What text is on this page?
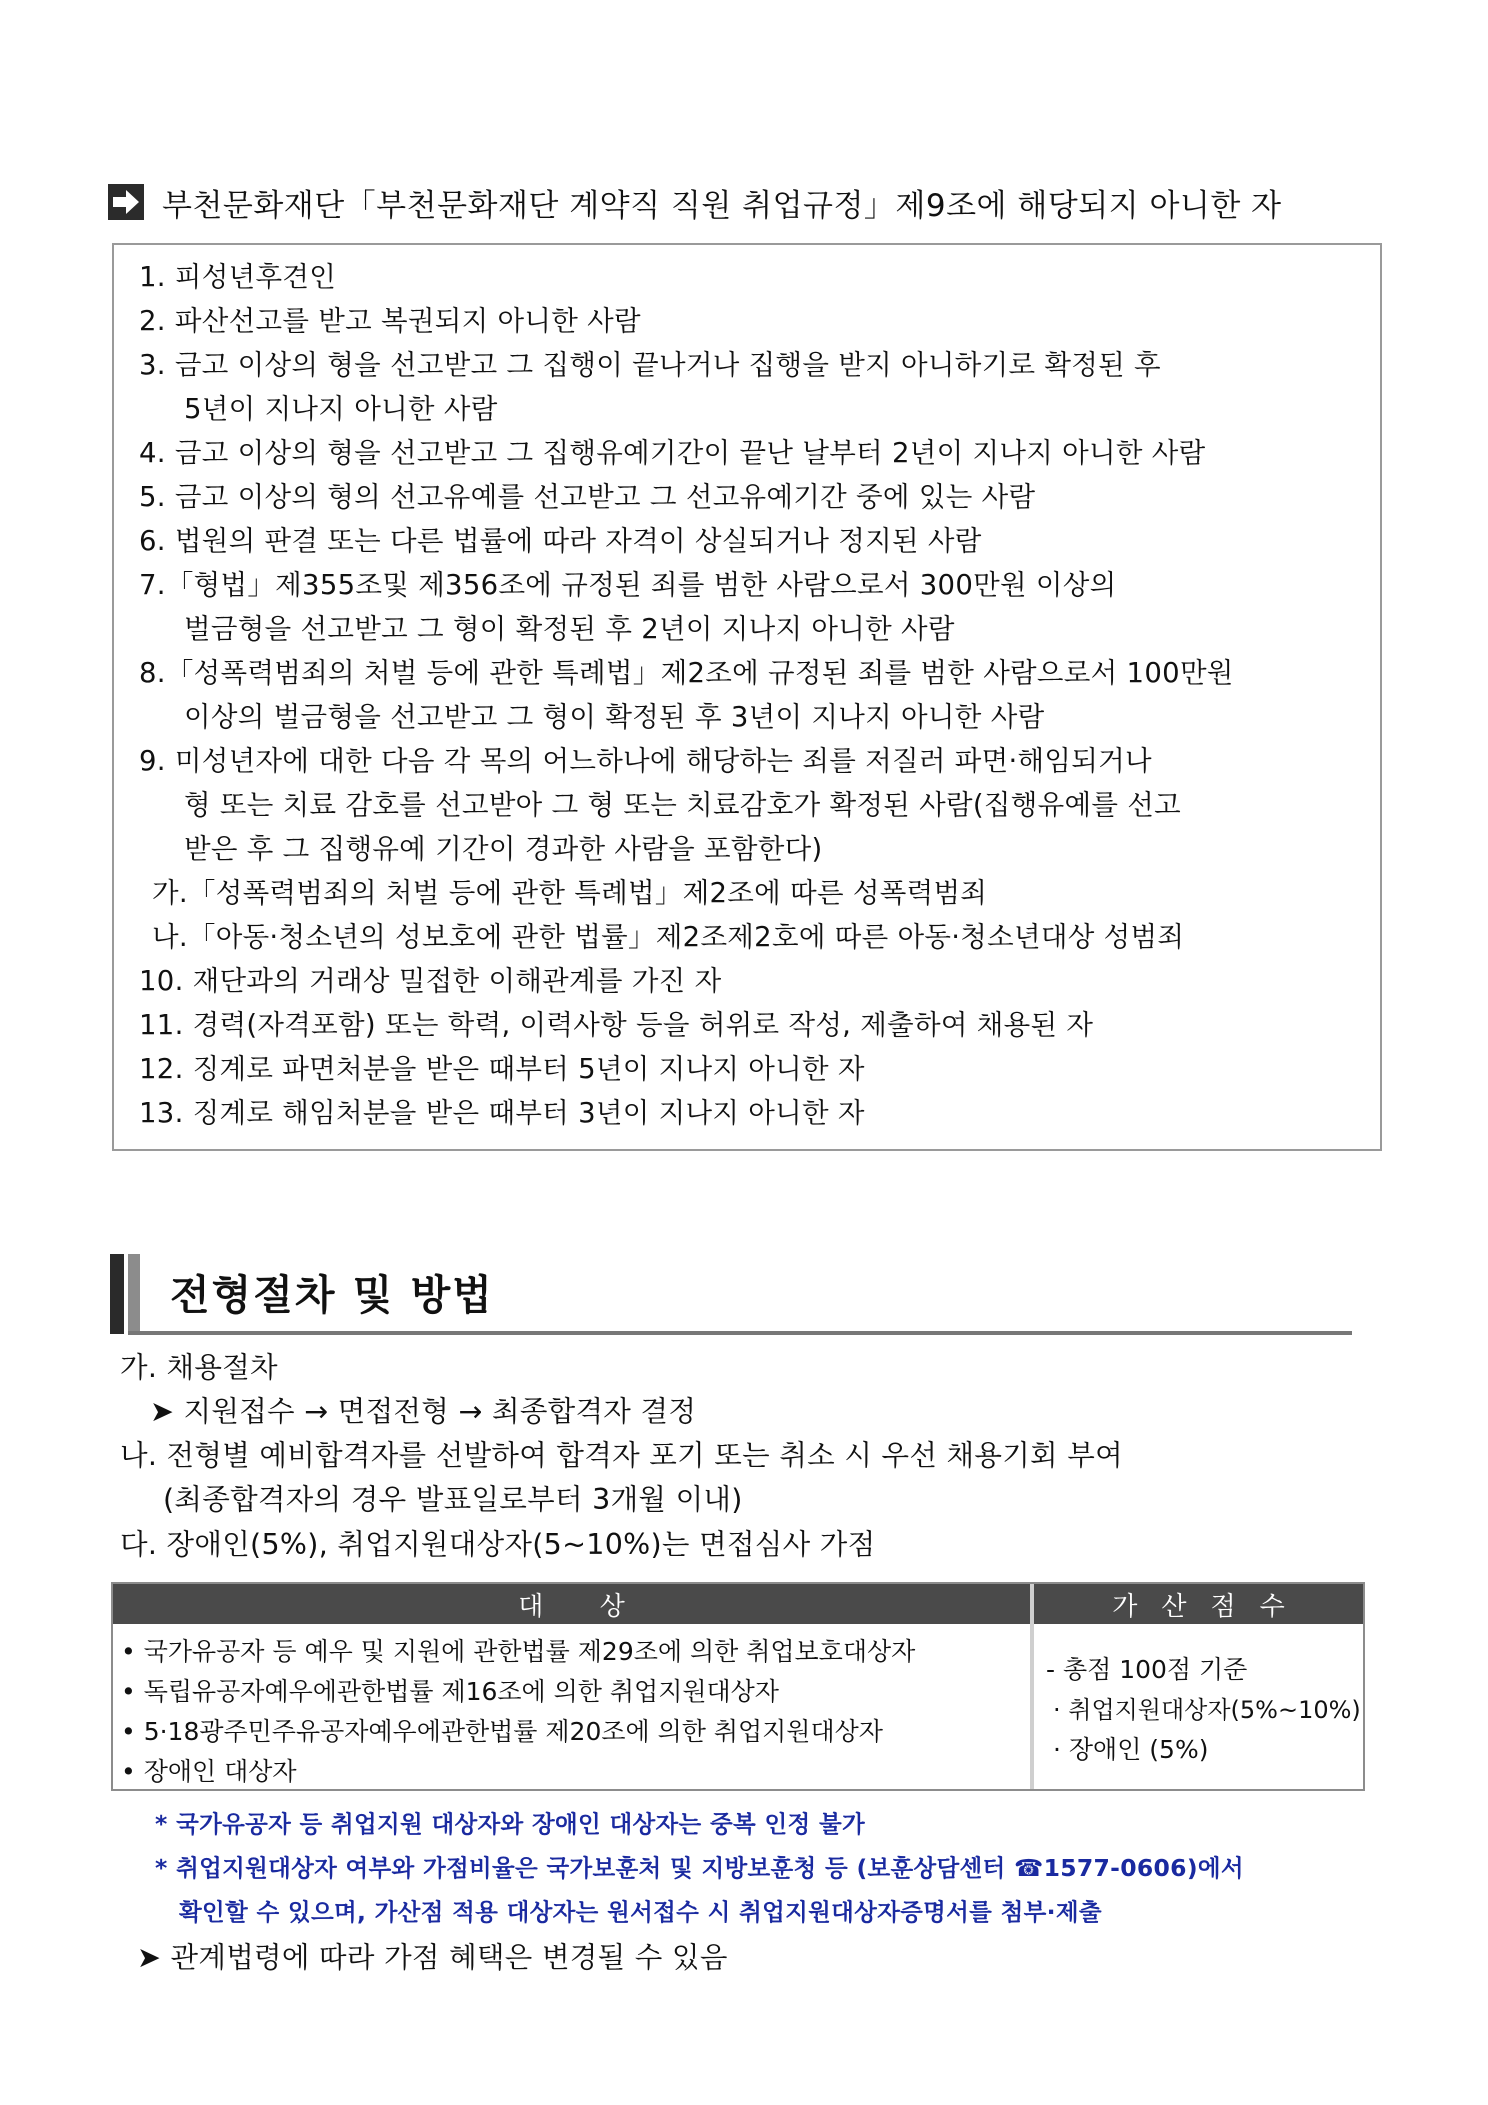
부천문화재단「부천문화재단 계약직 직원 취업규정」제9조에 해당되지 아니한 자
1. 피성년후견인
2. 파산선고를 받고 복권되지 아니한 사람
3. 금고 이상의 형을 선고받고 그 집행이 끝나거나 집행을 받지 아니하기로 확정된 후
5년이 지나지 아니한 사람
4. 금고 이상의 형을 선고받고 그 집행유예기간이 끝난 날부터 2년이 지나지 아니한 사람
5. 금고 이상의 형의 선고유예를 선고받고 그 선고유예기간 중에 있는 사람
6. 법원의 판결 또는 다른 법률에 따라 자격이 상실되거나 정지된 사람
7.「형법」제355조및 제356조에 규정된 죄를 범한 사람으로서 300만원 이상의
벌금형을 선고받고 그 형이 확정된 후 2년이 지나지 아니한 사람
8.「성폭력범죄의 처벌 등에 관한 특례법」제2조에 규정된 죄를 범한 사람으로서 100만원
이상의 벌금형을 선고받고 그 형이 확정된 후 3년이 지나지 아니한 사람
9. 미성년자에 대한 다음 각 목의 어느하나에 해당하는 죄를 저질러 파면·해임되거나
형 또는 치료 감호를 선고받아 그 형 또는 치료감호가 확정된 사람(집행유예를 선고
받은 후 그 집행유예 기간이 경과한 사람을 포함한다)
가.「성폭력범죄의 처벌 등에 관한 특례법」제2조에 따른 성폭력범죄
나.「아동·청소년의 성보호에 관한 법률」제2조제2호에 따른 아동·청소년대상 성범죄
10. 재단과의 거래상 밀접한 이해관계를 가진 자
11. 경력(자격포함) 또는 학력, 이력사항 등을 허위로 작성, 제출하여 채용된 자
12. 징계로 파면처분을 받은 때부터 5년이 지나지 아니한 자
13. 징계로 해임처분을 받은 때부터 3년이 지나지 아니한 자
전형절차 및 방법
가. 채용절차
➤ 지원접수 → 면접전형 → 최종합격자 결정
나. 전형별 예비합격자를 선발하여 합격자 포기 또는 취소 시 우선 채용기회 부여
(최종합격자의 경우 발표일로부터 3개월 이내)
다. 장애인(5%), 취업지원대상자(5~10%)는 면접심사 가점
대 상	가산점수
• 국가유공자 등 예우 및 지원에 관한법률 제29조에 의한 취업보호대상자
• 독립유공자예우에관한법률 제16조에 의한 취업지원대상자
• 5·18광주민주유공자예우에관한법률 제20조에 의한 취업지원대상자
• 장애인 대상자
- 총점 100점 기준
· 취업지원대상자(5%~10%)
· 장애인 (5%)
* 국가유공자 등 취업지원 대상자와 장애인 대상자는 중복 인정 불가
* 취업지원대상자 여부와 가점비율은 국가보훈처 및 지방보훈청 등 (보훈상담센터 ☎1577-0606)에서
확인할 수 있으며, 가산점 적용 대상자는 원서접수 시 취업지원대상자증명서를 첨부·제출
➤ 관계법령에 따라 가점 혜택은 변경될 수 있음
